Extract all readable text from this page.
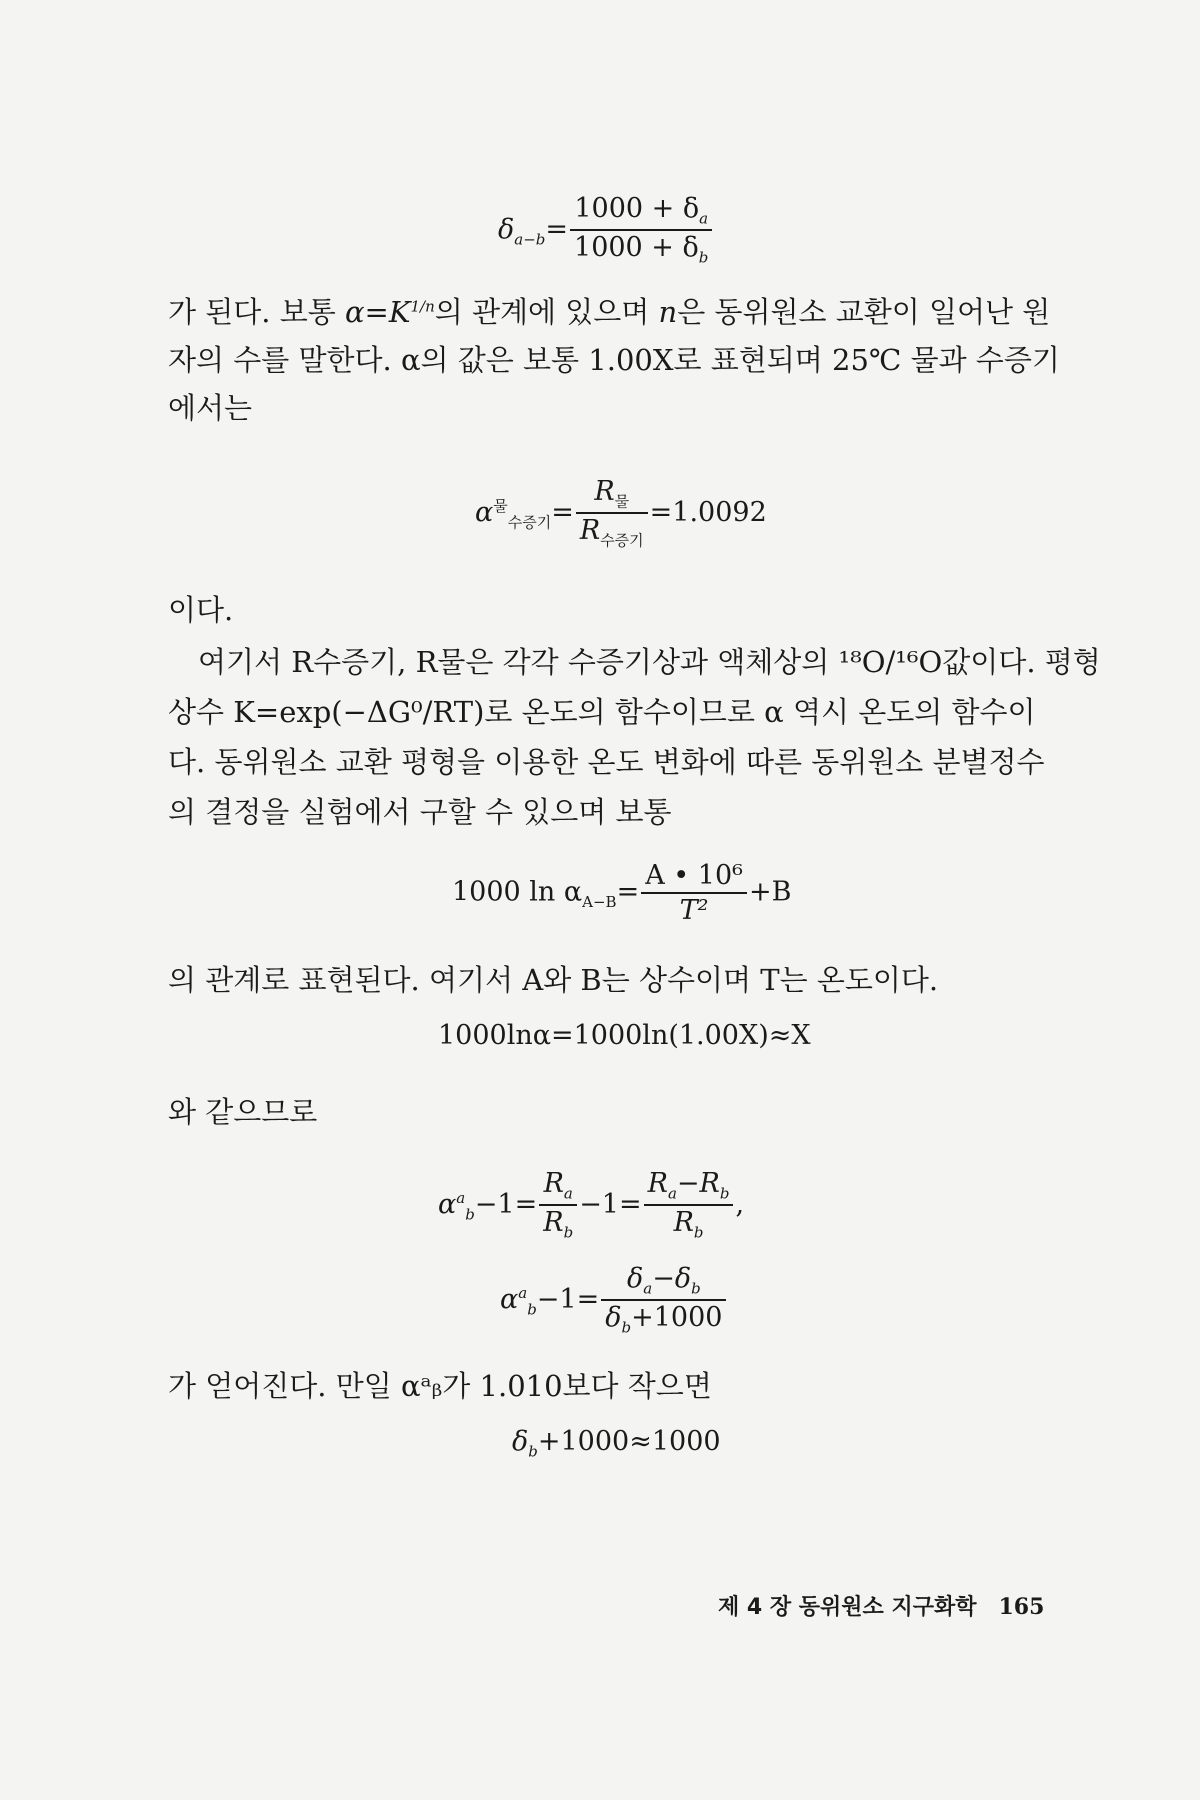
$\delta_{a-b}= \frac{1000 + \delta_a}{1000 + \delta_b}$
가 된다. 보통 $\alpha=K^{1/n}$의 관계에 있으며 n은 동위원소 교환이 일어난 원
자의 수를 말한다. α의 값은 보통 1.00X로 표현되며 25℃ 물과 수증기
에서는
$\alpha^물_{수증기}= \frac{R_물}{R_{수증기}} =1.0092$
이다.
여기서 R수증기, R물은 각각 수증기상과 액체상의 ¹⁸O/¹⁶O값이다. 평형
상수 K=exp(−ΔG⁰/RT)로 온도의 함수이므로 α 역시 온도의 함수이
다. 동위원소 교환 평형을 이용한 온도 변화에 따른 동위원소 분별정수
의 결정을 실험에서 구할 수 있으며 보통
1000 $\ln \alpha_{A-B}= \frac{\text{A • 10⁶}}{\text{T²}} +B$
의 관계로 표현된다. 여기서 A와 B는 상수이며 T는 온도이다.
1000lnα=1000ln(1.00X)≈X
와 같으므로
$\alpha^a_b-1= \frac{R_a}{R_b} -1= \frac{R_a-R_b}{R_b}$ ,
$\alpha^a_b-1= \frac{\delta_a-\delta_b}{\delta_b+1000}$
가 얻어진다. 만일 αᵃᵦ가 1.010보다 작으면
$\delta_b+1000\approx 1000$
제 4 장 동위원소 지구화학 165
